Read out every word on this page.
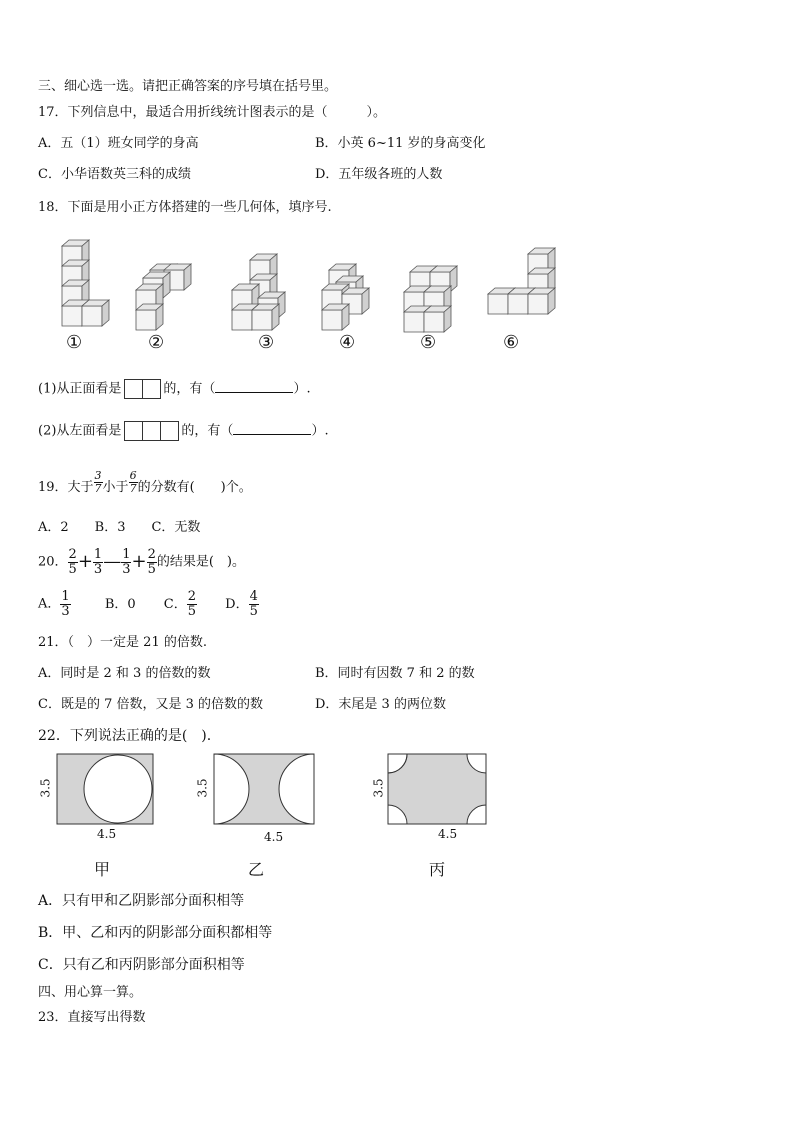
三、细心选一选。请把正确答案的序号填在括号里。
17．下列信息中，最适合用折线统计图表示的是（　　　）。
A．五（1）班女同学的身高	B．小英 6~11 岁的身高变化
C．小华语数英三科的成绩	D．五年级各班的人数
18．下面是用小正方体搭建的一些几何体，填序号.
①	②	③	④	⑤	⑥
(1)从正面看是	的，有（	）.
(2)从左面看是	的，有（	）.
19．大于 $\frac{3}{7}$ 小于 $\frac{6}{7}$ 的分数有(　　)个。
A．2　　B．3　　C．无数
20． $\frac{2}{5} + \frac{1}{3}$ — $\frac{1}{3} + \frac{2}{5}$ 的结果是(　)。
A． $\frac{1}{3}$	B．0 C． $\frac{2}{5}$ D． $\frac{4}{5}$
21．（　）一定是 21 的倍数.
A．同时是 2 和 3 的倍数的数	B．同时有因数 7 和 2 的数
C．既是的 7 倍数，又是 3 的倍数的数	D．末尾是 3 的两位数
22．下列说法正确的是(　).
3.5
4.5
3.5
4.5
3.5
4.5
甲	乙	丙
A．只有甲和乙阴影部分面积相等
B．甲、乙和丙的阴影部分面积都相等
C．只有乙和丙阴影部分面积相等
四、用心算一算。
23．直接写出得数
